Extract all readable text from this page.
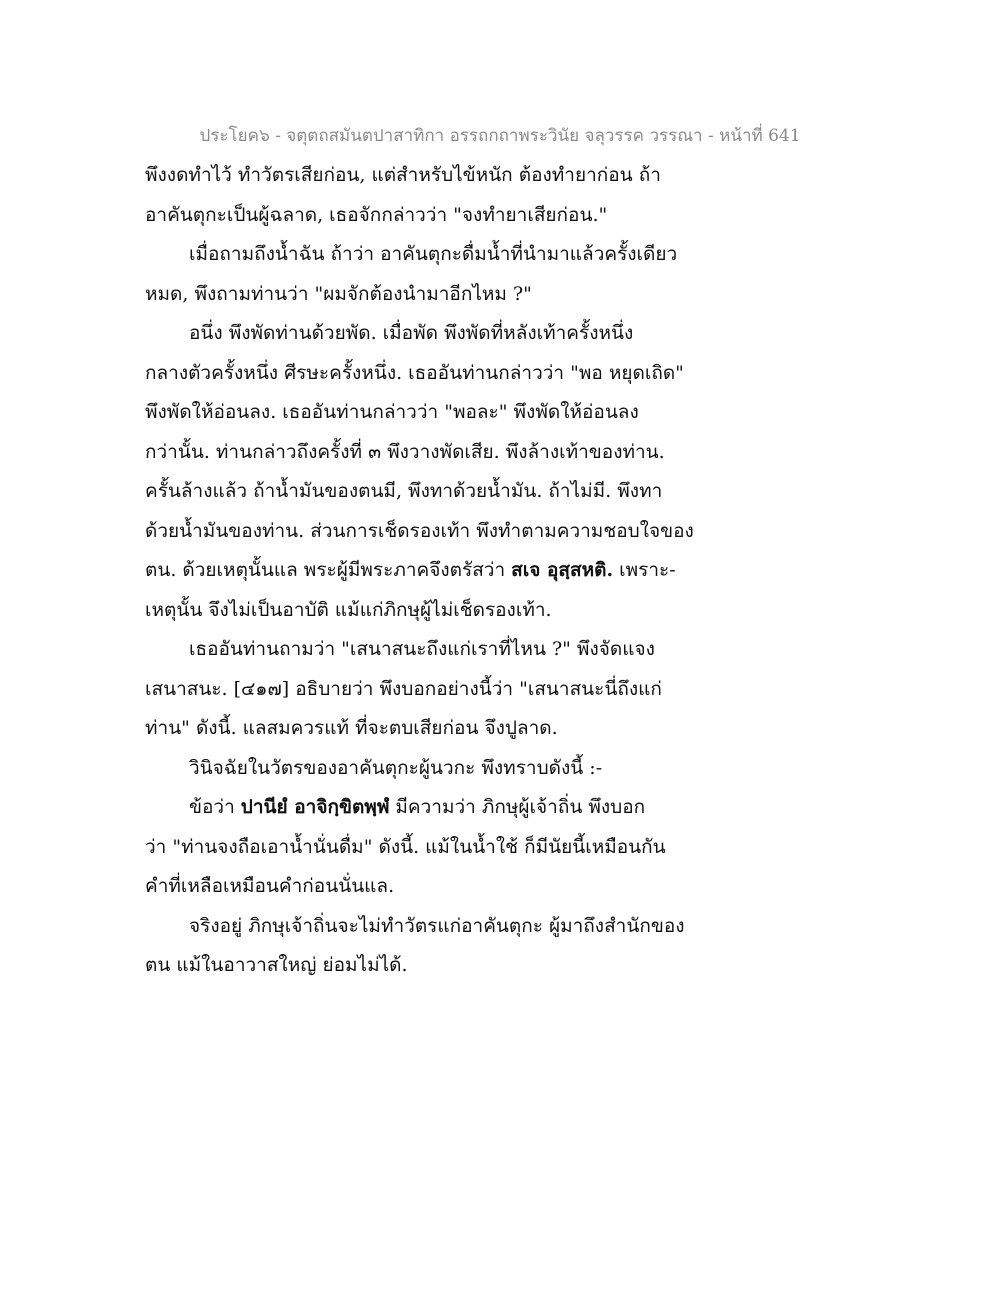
ประโยค๖ - จตุตถสมันตปาสาทิกา อรรถกถาพระวินัย จลุวรรค วรรณา - หน้าที่ 641
พึงงดทำไว้ ทำวัตรเสียก่อน, แต่สำหรับไข้หนัก ต้องทำยาก่อน ถ้า
อาคันตุกะเป็นผู้ฉลาด, เธอจักกล่าวว่า "จงทำยาเสียก่อน."
เมื่อถามถึงน้ำฉัน ถ้าว่า อาคันตุกะดื่มน้ำที่นำมาแล้วครั้งเดียว
หมด, พึงถามท่านว่า "ผมจักต้องนำมาอีกไหม ?"
อนึ่ง พึงพัดท่านด้วยพัด. เมื่อพัด พึงพัดที่หลังเท้าครั้งหนึ่ง
กลางตัวครั้งหนึ่ง ศีรษะครั้งหนึ่ง. เธออันท่านกล่าวว่า "พอ หยุดเถิด"
พึงพัดให้อ่อนลง. เธออันท่านกล่าวว่า "พอละ" พึงพัดให้อ่อนลง
กว่านั้น. ท่านกล่าวถึงครั้งที่ ๓ พึงวางพัดเสีย. พึงล้างเท้าของท่าน.
ครั้นล้างแล้ว ถ้าน้ำมันของตนมี, พึงทาด้วยน้ำมัน. ถ้าไม่มี. พึงทา
ด้วยน้ำมันของท่าน. ส่วนการเช็ดรองเท้า พึงทำตามความชอบใจของ
ตน. ด้วยเหตุนั้นแล พระผู้มีพระภาคจึงตรัสว่า สเจ อุสฺสหติ. เพราะ-
เหตุนั้น จึงไม่เป็นอาบัติ แม้แก่ภิกษุผู้ไม่เช็ดรองเท้า.
เธออันท่านถามว่า "เสนาสนะถึงแก่เราที่ไหน ?" พึงจัดแจง
เสนาสนะ. [๔๑๗] อธิบายว่า พึงบอกอย่างนี้ว่า "เสนาสนะนี่ถึงแก่
ท่าน" ดังนี้. แลสมควรแท้ ที่จะตบเสียก่อน จึงปูลาด.
วินิจฉัยในวัตรของอาคันตุกะผู้นวกะ พึงทราบดังนี้ :-
ข้อว่า ปานียํ อาจิกฺขิตพฺพํ มีความว่า ภิกษุผู้เจ้าถิ่น พึงบอก
ว่า "ท่านจงถือเอาน้ำนั่นดื่ม" ดังนี้. แม้ในน้ำใช้ ก็มีนัยนี้เหมือนกัน
คำที่เหลือเหมือนคำก่อนนั่นแล.
จริงอยู่ ภิกษุเจ้าถิ่นจะไม่ทำวัตรแก่อาคันตุกะ ผู้มาถึงสำนักของ
ตน แม้ในอาวาสใหญ่ ย่อมไม่ได้.
